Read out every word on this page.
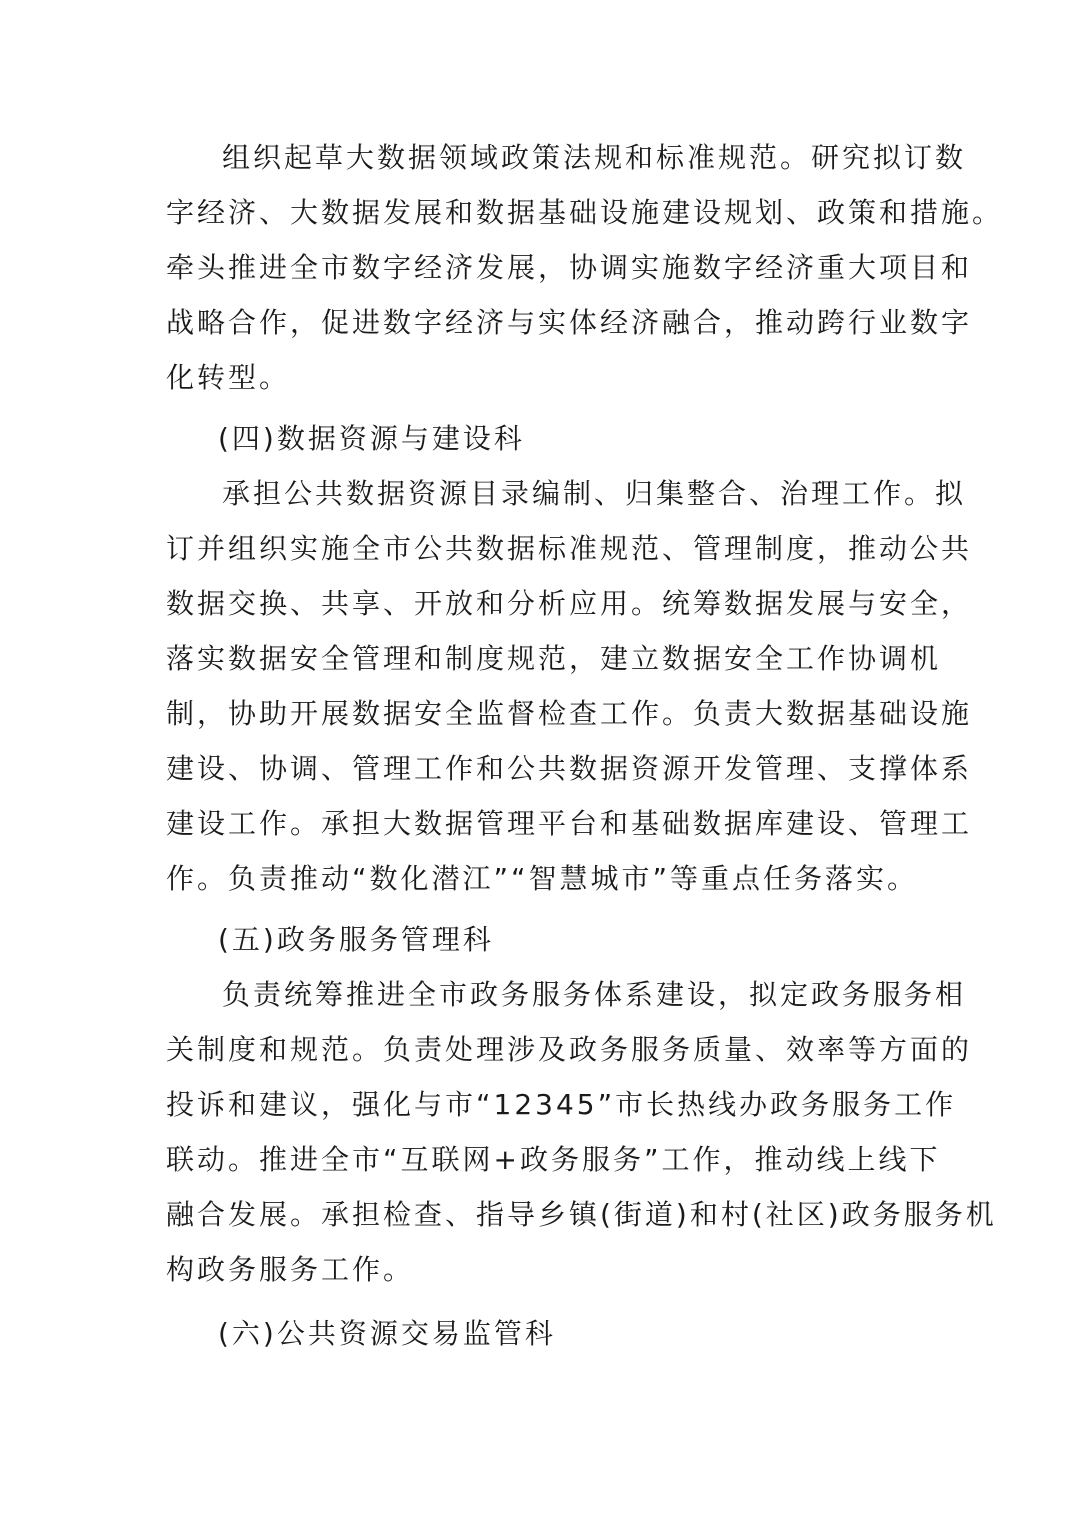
组织起草大数据领域政策法规和标准规范。研究拟订数

字经济、大数据发展和数据基础设施建设规划、政策和措施。

牵头推进全市数字经济发展，协调实施数字经济重大项目和

战略合作，促进数字经济与实体经济融合，推动跨行业数字

化转型。

(四)数据资源与建设科

承担公共数据资源目录编制、归集整合、治理工作。拟

订并组织实施全市公共数据标准规范、管理制度，推动公共

数据交换、共享、开放和分析应用。统筹数据发展与安全，

落实数据安全管理和制度规范，建立数据安全工作协调机

制，协助开展数据安全监督检查工作。负责大数据基础设施

建设、协调、管理工作和公共数据资源开发管理、支撑体系

建设工作。承担大数据管理平台和基础数据库建设、管理工

作。负责推动“数化潜江”“智慧城市”等重点任务落实。

(五)政务服务管理科

负责统筹推进全市政务服务体系建设，拟定政务服务相

关制度和规范。负责处理涉及政务服务质量、效率等方面的

投诉和建议，强化与市“12345”市长热线办政务服务工作

联动。推进全市“互联网+政务服务”工作，推动线上线下

融合发展。承担检查、指导乡镇(街道)和村(社区)政务服务机

构政务服务工作。

(六)公共资源交易监管科
